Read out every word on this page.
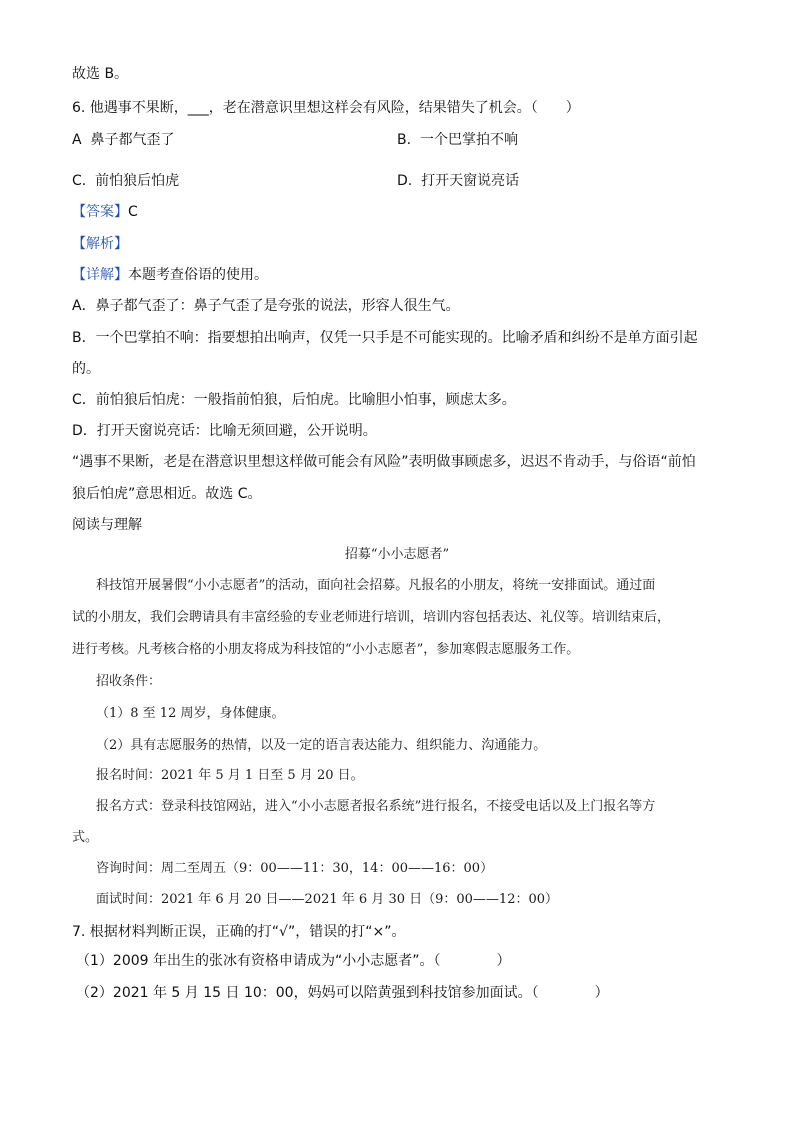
故选 B。
6. 他遇事不果断，___，老在潜意识里想这样会有风险，结果错失了机会。（　　）
A 鼻子都气歪了	B. 一个巴掌拍不响
C. 前怕狼后怕虎	D. 打开天窗说亮话
【答案】C
【解析】
【详解】本题考查俗语的使用。
A．鼻子都气歪了：鼻子气歪了是夸张的说法，形容人很生气。
B．一个巴掌拍不响：指要想拍出响声，仅凭一只手是不可能实现的。比喻矛盾和纠纷不是单方面引起
的。
C．前怕狼后怕虎：一般指前怕狼，后怕虎。比喻胆小怕事，顾虑太多。
D．打开天窗说亮话：比喻无须回避，公开说明。
“遇事不果断，老是在潜意识里想这样做可能会有风险”表明做事顾虑多，迟迟不肯动手，与俗语“前怕
狼后怕虎”意思相近。故选 C。
阅读与理解
招募“小小志愿者”
科技馆开展暑假“小小志愿者”的活动，面向社会招募。凡报名的小朋友，将统一安排面试。通过面
试的小朋友，我们会聘请具有丰富经验的专业老师进行培训，培训内容包括表达、礼仪等。培训结束后，
进行考核。凡考核合格的小朋友将成为科技馆的“小小志愿者”，参加寒假志愿服务工作。
招收条件：
（1）8 至 12 周岁，身体健康。
（2）具有志愿服务的热情，以及一定的语言表达能力、组织能力、沟通能力。
报名时间：2021 年 5 月 1 日至 5 月 20 日。
报名方式：登录科技馆网站，进入“小小志愿者报名系统”进行报名，不接受电话以及上门报名等方
式。
咨询时间：周二至周五（9：00——11：30，14：00——16：00）
面试时间：2021 年 6 月 20 日——2021 年 6 月 30 日（9：00——12：00）
7. 根据材料判断正误，正确的打“√”，错误的打“×”。
（1）2009 年出生的张冰有资格申请成为“小小志愿者”。（　　　　）
（2）2021 年 5 月 15 日 10：00，妈妈可以陪黄强到科技馆参加面试。（　　　　）
